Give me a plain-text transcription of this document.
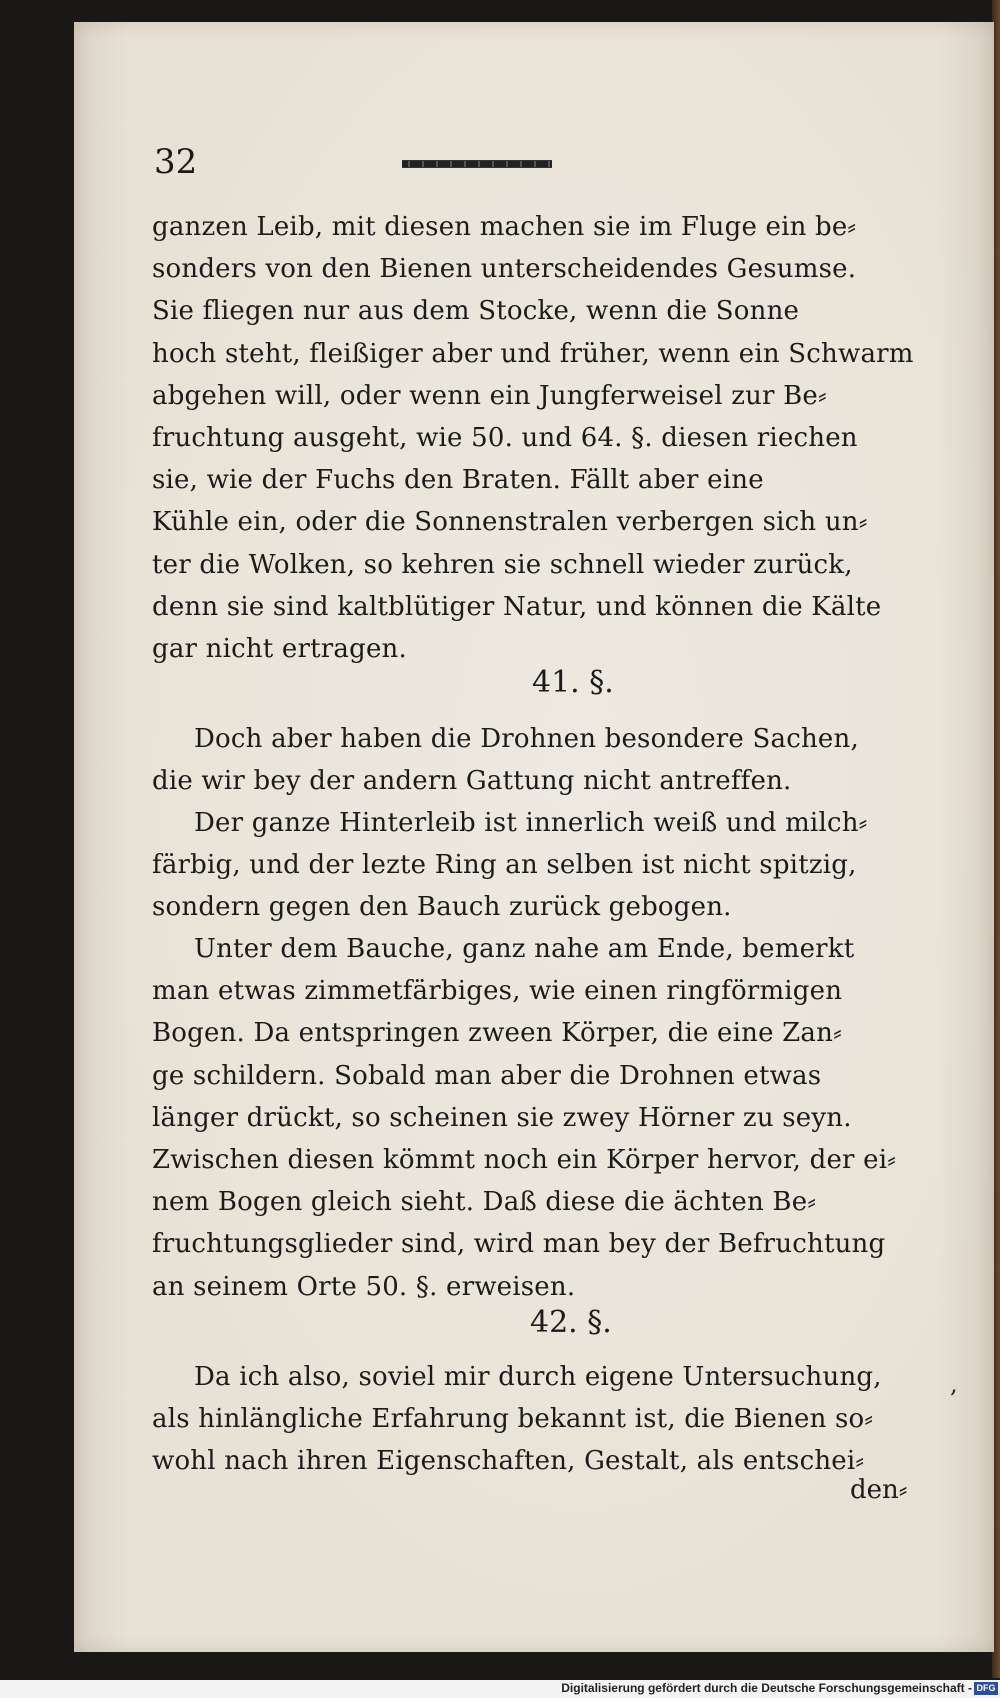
32
ganzen Leib, mit diesen machen sie im Fluge ein be⸗
sonders von den Bienen unterscheidendes Gesumse.
Sie fliegen nur aus dem Stocke, wenn die Sonne
hoch steht, fleißiger aber und früher, wenn ein Schwarm
abgehen will, oder wenn ein Jungferweisel zur Be⸗
fruchtung ausgeht, wie 50. und 64. §. diesen riechen
sie, wie der Fuchs den Braten. Fällt aber eine
Kühle ein, oder die Sonnenstralen verbergen sich un⸗
ter die Wolken, so kehren sie schnell wieder zurück,
denn sie sind kaltblütiger Natur, und können die Kälte
gar nicht ertragen.
41. §.
Doch aber haben die Drohnen besondere Sachen,
die wir bey der andern Gattung nicht antreffen.
Der ganze Hinterleib ist innerlich weiß und milch⸗
färbig, und der lezte Ring an selben ist nicht spitzig,
sondern gegen den Bauch zurück gebogen.
Unter dem Bauche, ganz nahe am Ende, bemerkt
man etwas zimmetfärbiges, wie einen ringförmigen
Bogen. Da entspringen zween Körper, die eine Zan⸗
ge schildern. Sobald man aber die Drohnen etwas
länger drückt, so scheinen sie zwey Hörner zu seyn.
Zwischen diesen kömmt noch ein Körper hervor, der ei⸗
nem Bogen gleich sieht. Daß diese die ächten Be⸗
fruchtungsglieder sind, wird man bey der Befruchtung
an seinem Orte 50. §. erweisen.
42. §.
Da ich also, soviel mir durch eigene Untersuchung,
als hinlängliche Erfahrung bekannt ist, die Bienen so⸗
wohl nach ihren Eigenschaften, Gestalt, als entschei⸗
den⸗
,
Digitalisierung gefördert durch die Deutsche Forschungsgemeinschaft - DFG
